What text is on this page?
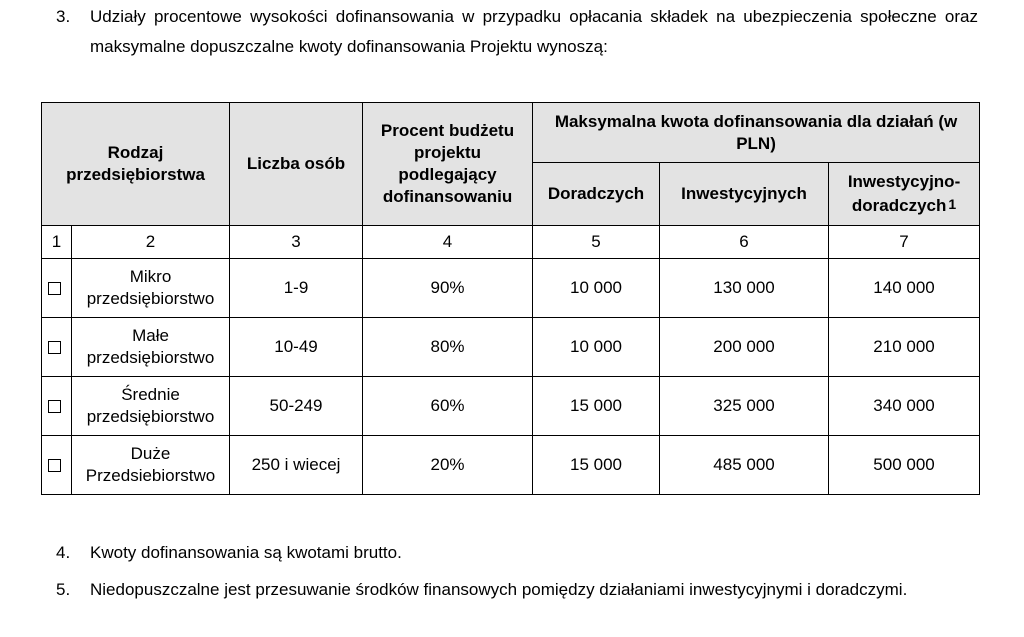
3. Udziały procentowe wysokości dofinansowania w przypadku opłacania składek na ubezpieczenia społeczne oraz maksymalne dopuszczalne kwoty dofinansowania Projektu wynoszą:
Rodzaj przedsiębiorstwa		Liczba osób	Procent budżetu projektu podlegający dofinansowaniu	Maksymalna kwota dofinansowania dla działań (w PLN)		
				Doradczych	Inwestycyjnych	Inwestycyjno-doradczych $^1$
1	2	3	4	5	6	7
	Mikro przedsiębiorstwo	1-9	90%	10 000	130 000	140 000
	Małe przedsiębiorstwo	10-49	80%	10 000	200 000	210 000
	Średnie przedsiębiorstwo	50-249	60%	15 000	325 000	340 000
	Duże Przedsiebiorstwo	250 i wiecej	20%	15 000	485 000	500 000
4. Kwoty dofinansowania są kwotami brutto.
5. Niedopuszczalne jest przesuwanie środków finansowych pomiędzy działaniami inwestycyjnymi i doradczymi.
